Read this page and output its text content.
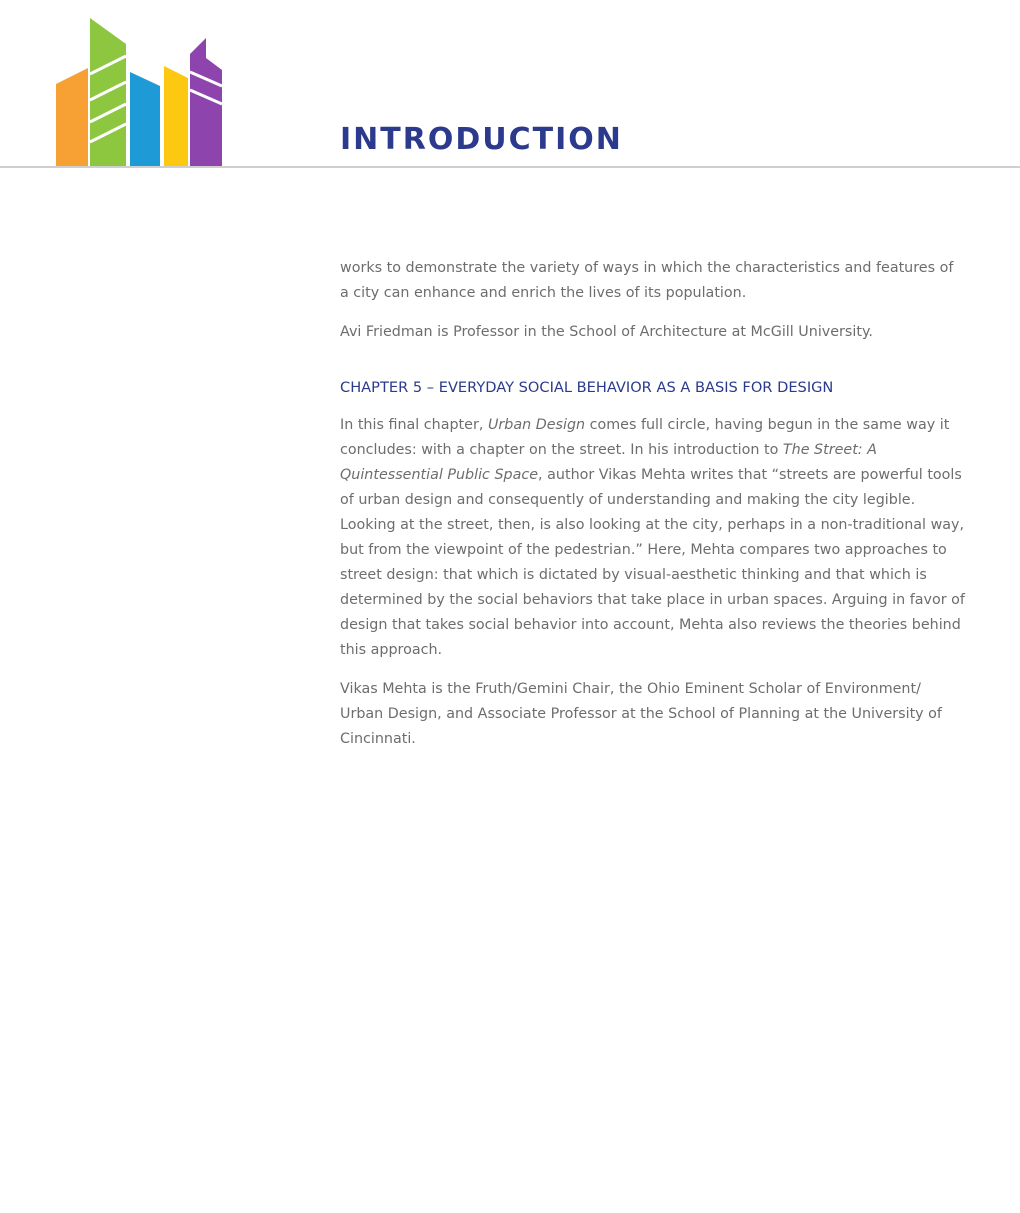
INTRODUCTION

works to demonstrate the variety of ways in which the characteristics and features of a city can enhance and enrich the lives of its population.

Avi Friedman is Professor in the School of Architecture at McGill University.

CHAPTER 5 – EVERYDAY SOCIAL BEHAVIOR AS A BASIS FOR DESIGN

In this final chapter, Urban Design comes full circle, having begun in the same way it concludes: with a chapter on the street. In his introduction to The Street: A Quintessential Public Space, author Vikas Mehta writes that “streets are powerful tools of urban design and consequently of understanding and making the city legible. Looking at the street, then, is also looking at the city, perhaps in a non-traditional way, but from the viewpoint of the pedestrian.” Here, Mehta compares two approaches to street design: that which is dictated by visual-aesthetic thinking and that which is determined by the social behaviors that take place in urban spaces. Arguing in favor of design that takes social behavior into account, Mehta also reviews the theories behind this approach.

Vikas Mehta is the Fruth/Gemini Chair, the Ohio Eminent Scholar of Environment/ Urban Design, and Associate Professor at the School of Planning at the University of Cincinnati.
